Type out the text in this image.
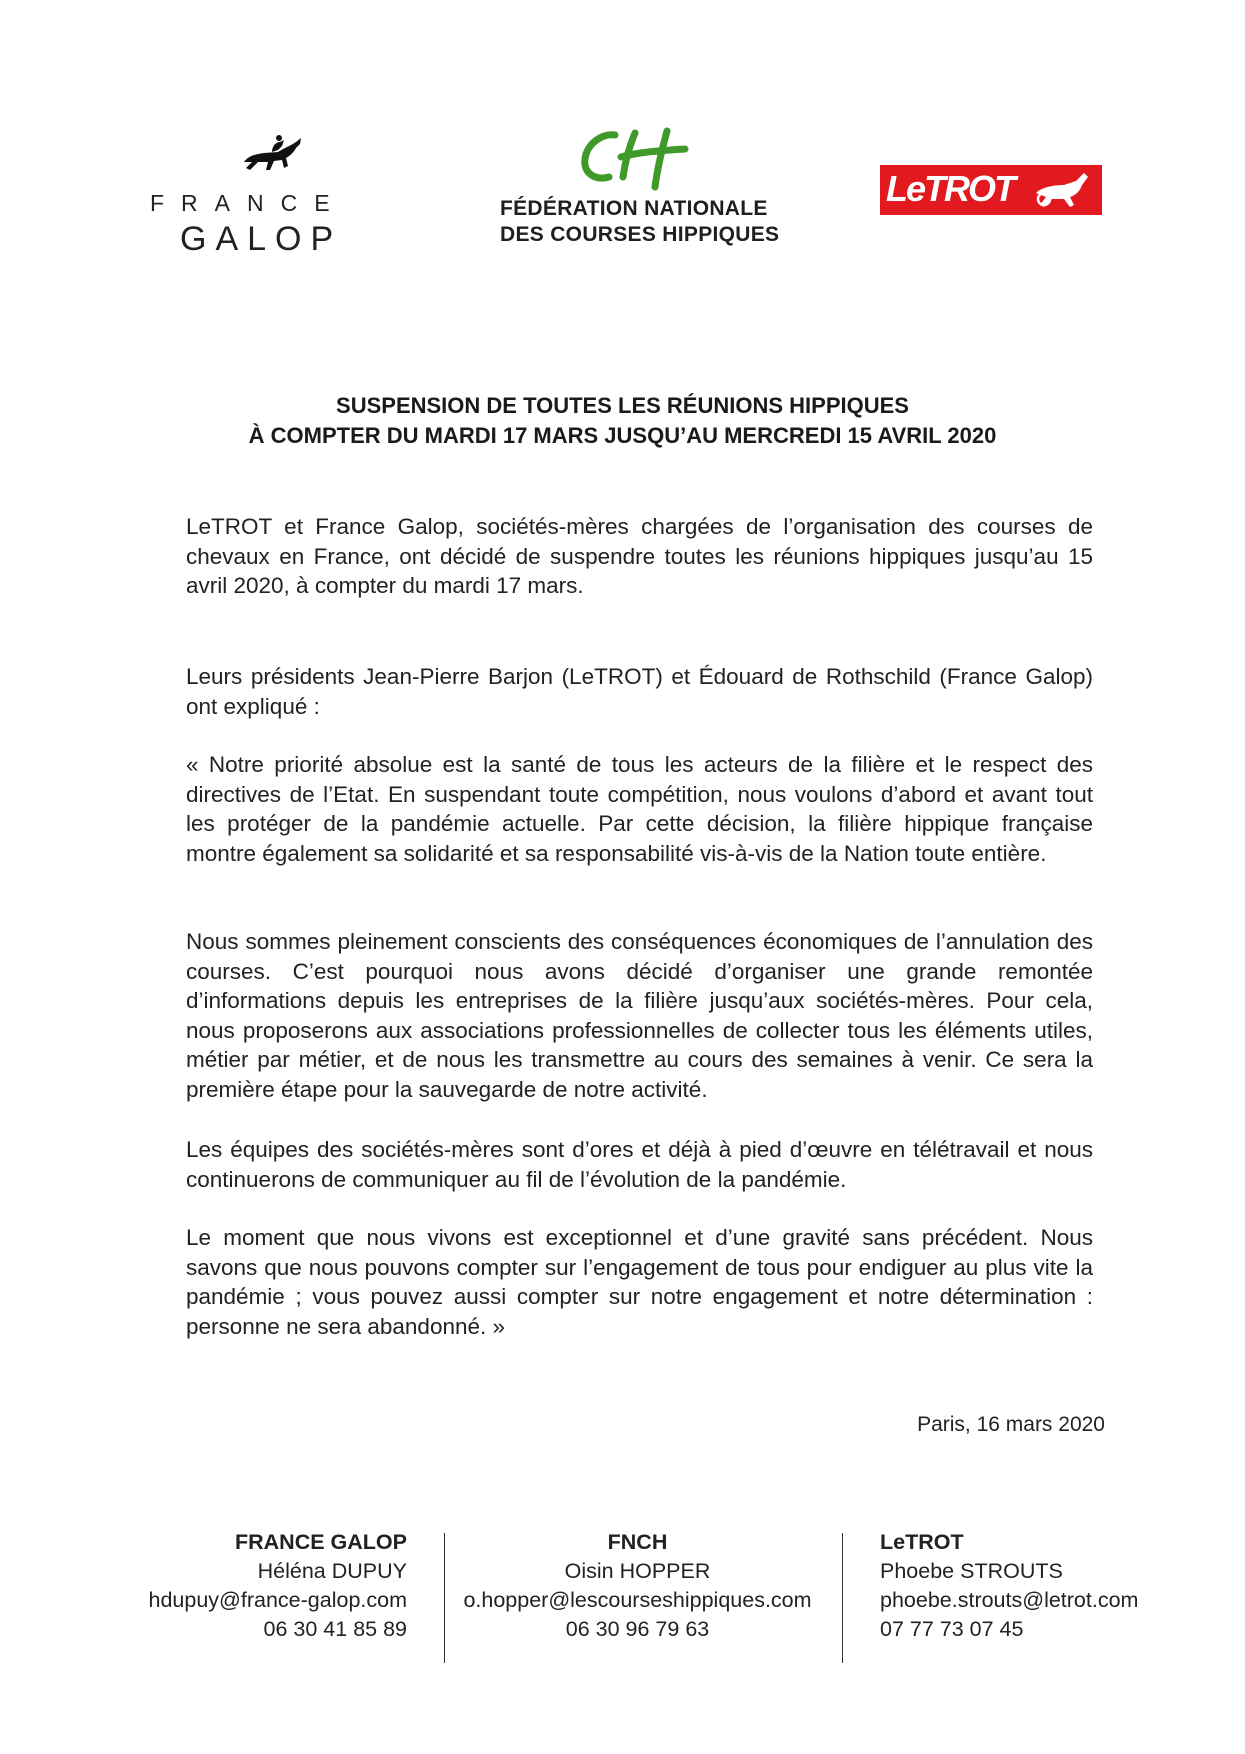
FRANCE
GALOP
FÉDÉRATION NATIONALE
DES COURSES HIPPIQUES
LeTROT
SUSPENSION DE TOUTES LES RÉUNIONS HIPPIQUES
À COMPTER DU MARDI 17 MARS JUSQU’AU MERCREDI 15 AVRIL 2020
LeTROT et France Galop, sociétés-mères chargées de l’organisation des courses de chevaux en France, ont décidé de suspendre toutes les réunions hippiques jusqu’au 15 avril 2020, à compter du mardi 17 mars.
Leurs présidents Jean-Pierre Barjon (LeTROT) et Édouard de Rothschild (France Galop) ont expliqué :
« Notre priorité absolue est la santé de tous les acteurs de la filière et le respect des directives de l’Etat. En suspendant toute compétition, nous voulons d’abord et avant tout les protéger de la pandémie actuelle. Par cette décision, la filière hippique française montre également sa solidarité et sa responsabilité vis-à-vis de la Nation toute entière.
Nous sommes pleinement conscients des conséquences économiques de l’annulation des courses. C’est pourquoi nous avons décidé d’organiser une grande remontée d’informations depuis les entreprises de la filière jusqu’aux sociétés-mères. Pour cela, nous proposerons aux associations professionnelles de collecter tous les éléments utiles, métier par métier, et de nous les transmettre au cours des semaines à venir. Ce sera la première étape pour la sauvegarde de notre activité.
Les équipes des sociétés-mères sont d’ores et déjà à pied d’œuvre en télétravail et nous continuerons de communiquer au fil de l’évolution de la pandémie.
Le moment que nous vivons est exceptionnel et d’une gravité sans précédent. Nous savons que nous pouvons compter sur l’engagement de tous pour endiguer au plus vite la pandémie ; vous pouvez aussi compter sur notre engagement et notre détermination : personne ne sera abandonné. »
Paris, 16 mars 2020
FRANCE GALOP
Héléna DUPUY
hdupuy@france-galop.com
06 30 41 85 89
FNCH
Oisin HOPPER
o.hopper@lescourseshippiques.com
06 30 96 79 63
LeTROT
Phoebe STROUTS
phoebe.strouts@letrot.com
07 77 73 07 45
